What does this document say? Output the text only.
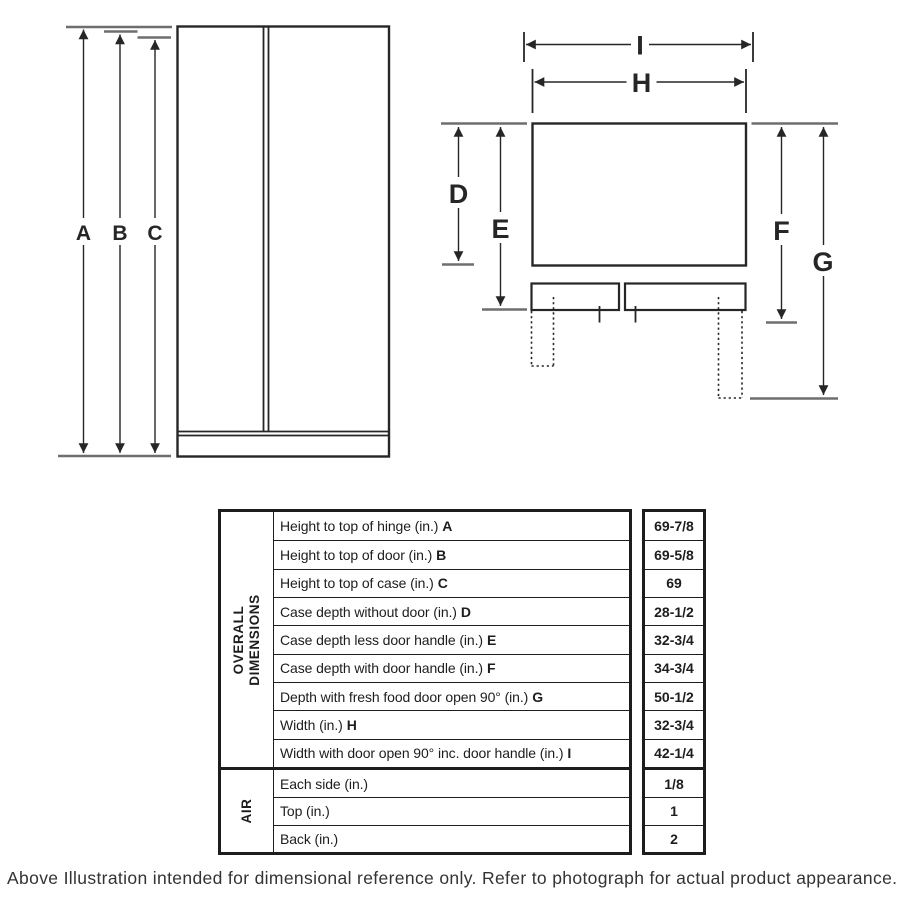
A B C
I
H
D
E	F
G
OVERALL DIMENSIONS
Height to top of hinge (in.) A
Height to top of door (in.) B
Height to top of case (in.) C
Case depth without door (in.) D
Case depth less door handle (in.) E
Case depth with door handle (in.) F
Depth with fresh food door open 90° (in.) G
Width (in.) H
Width with door open 90° inc. door handle (in.) I
AIR
Each side (in.)
Top (in.)
Back (in.)
69-7/8
69-5/8
69
28-1/2
32-3/4
34-3/4
50-1/2
32-3/4
42-1/4
1/8
1
2
Above Illustration intended for dimensional reference only. Refer to photograph for actual product appearance.
